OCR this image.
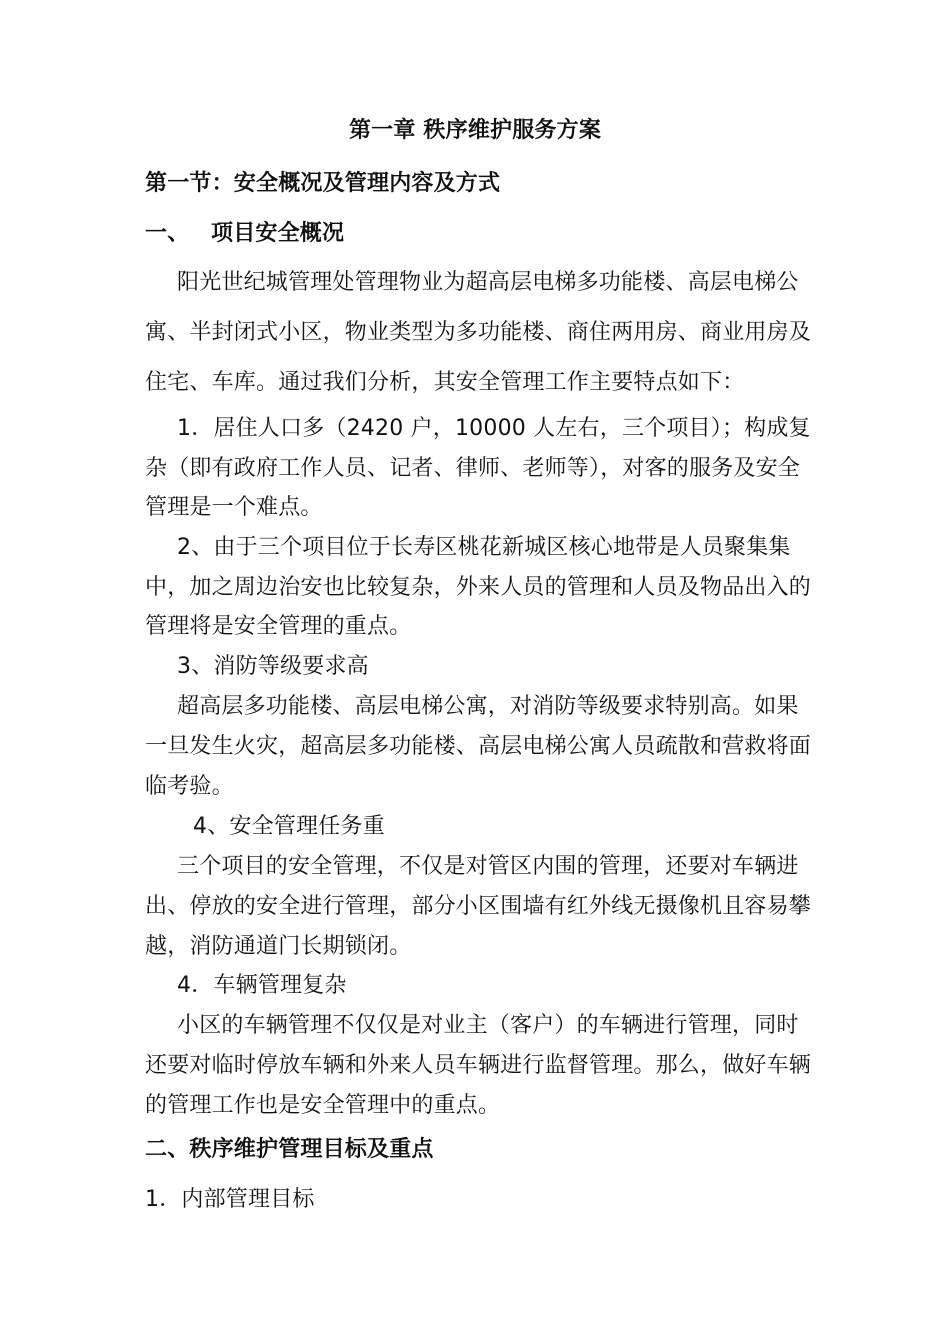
第一章 秩序维护服务方案
第一节：安全概况及管理内容及方式
一、 项目安全概况
阳光世纪城管理处管理物业为超高层电梯多功能楼、高层电梯公
寓、半封闭式小区，物业类型为多功能楼、商住两用房、商业用房及
住宅、车库。通过我们分析，其安全管理工作主要特点如下：
1．居住人口多（2420 户，10000 人左右，三个项目）；构成复
杂（即有政府工作人员、记者、律师、老师等），对客的服务及安全
管理是一个难点。
2、由于三个项目位于长寿区桃花新城区核心地带是人员聚集集
中，加之周边治安也比较复杂，外来人员的管理和人员及物品出入的
管理将是安全管理的重点。
3、消防等级要求高
超高层多功能楼、高层电梯公寓，对消防等级要求特别高。如果
一旦发生火灾，超高层多功能楼、高层电梯公寓人员疏散和营救将面
临考验。
4、安全管理任务重
三个项目的安全管理，不仅是对管区内围的管理，还要对车辆进
出、停放的安全进行管理，部分小区围墙有红外线无摄像机且容易攀
越，消防通道门长期锁闭。
4．车辆管理复杂
小区的车辆管理不仅仅是对业主（客户）的车辆进行管理，同时
还要对临时停放车辆和外来人员车辆进行监督管理。那么，做好车辆
的管理工作也是安全管理中的重点。
二、秩序维护管理目标及重点
1．内部管理目标
